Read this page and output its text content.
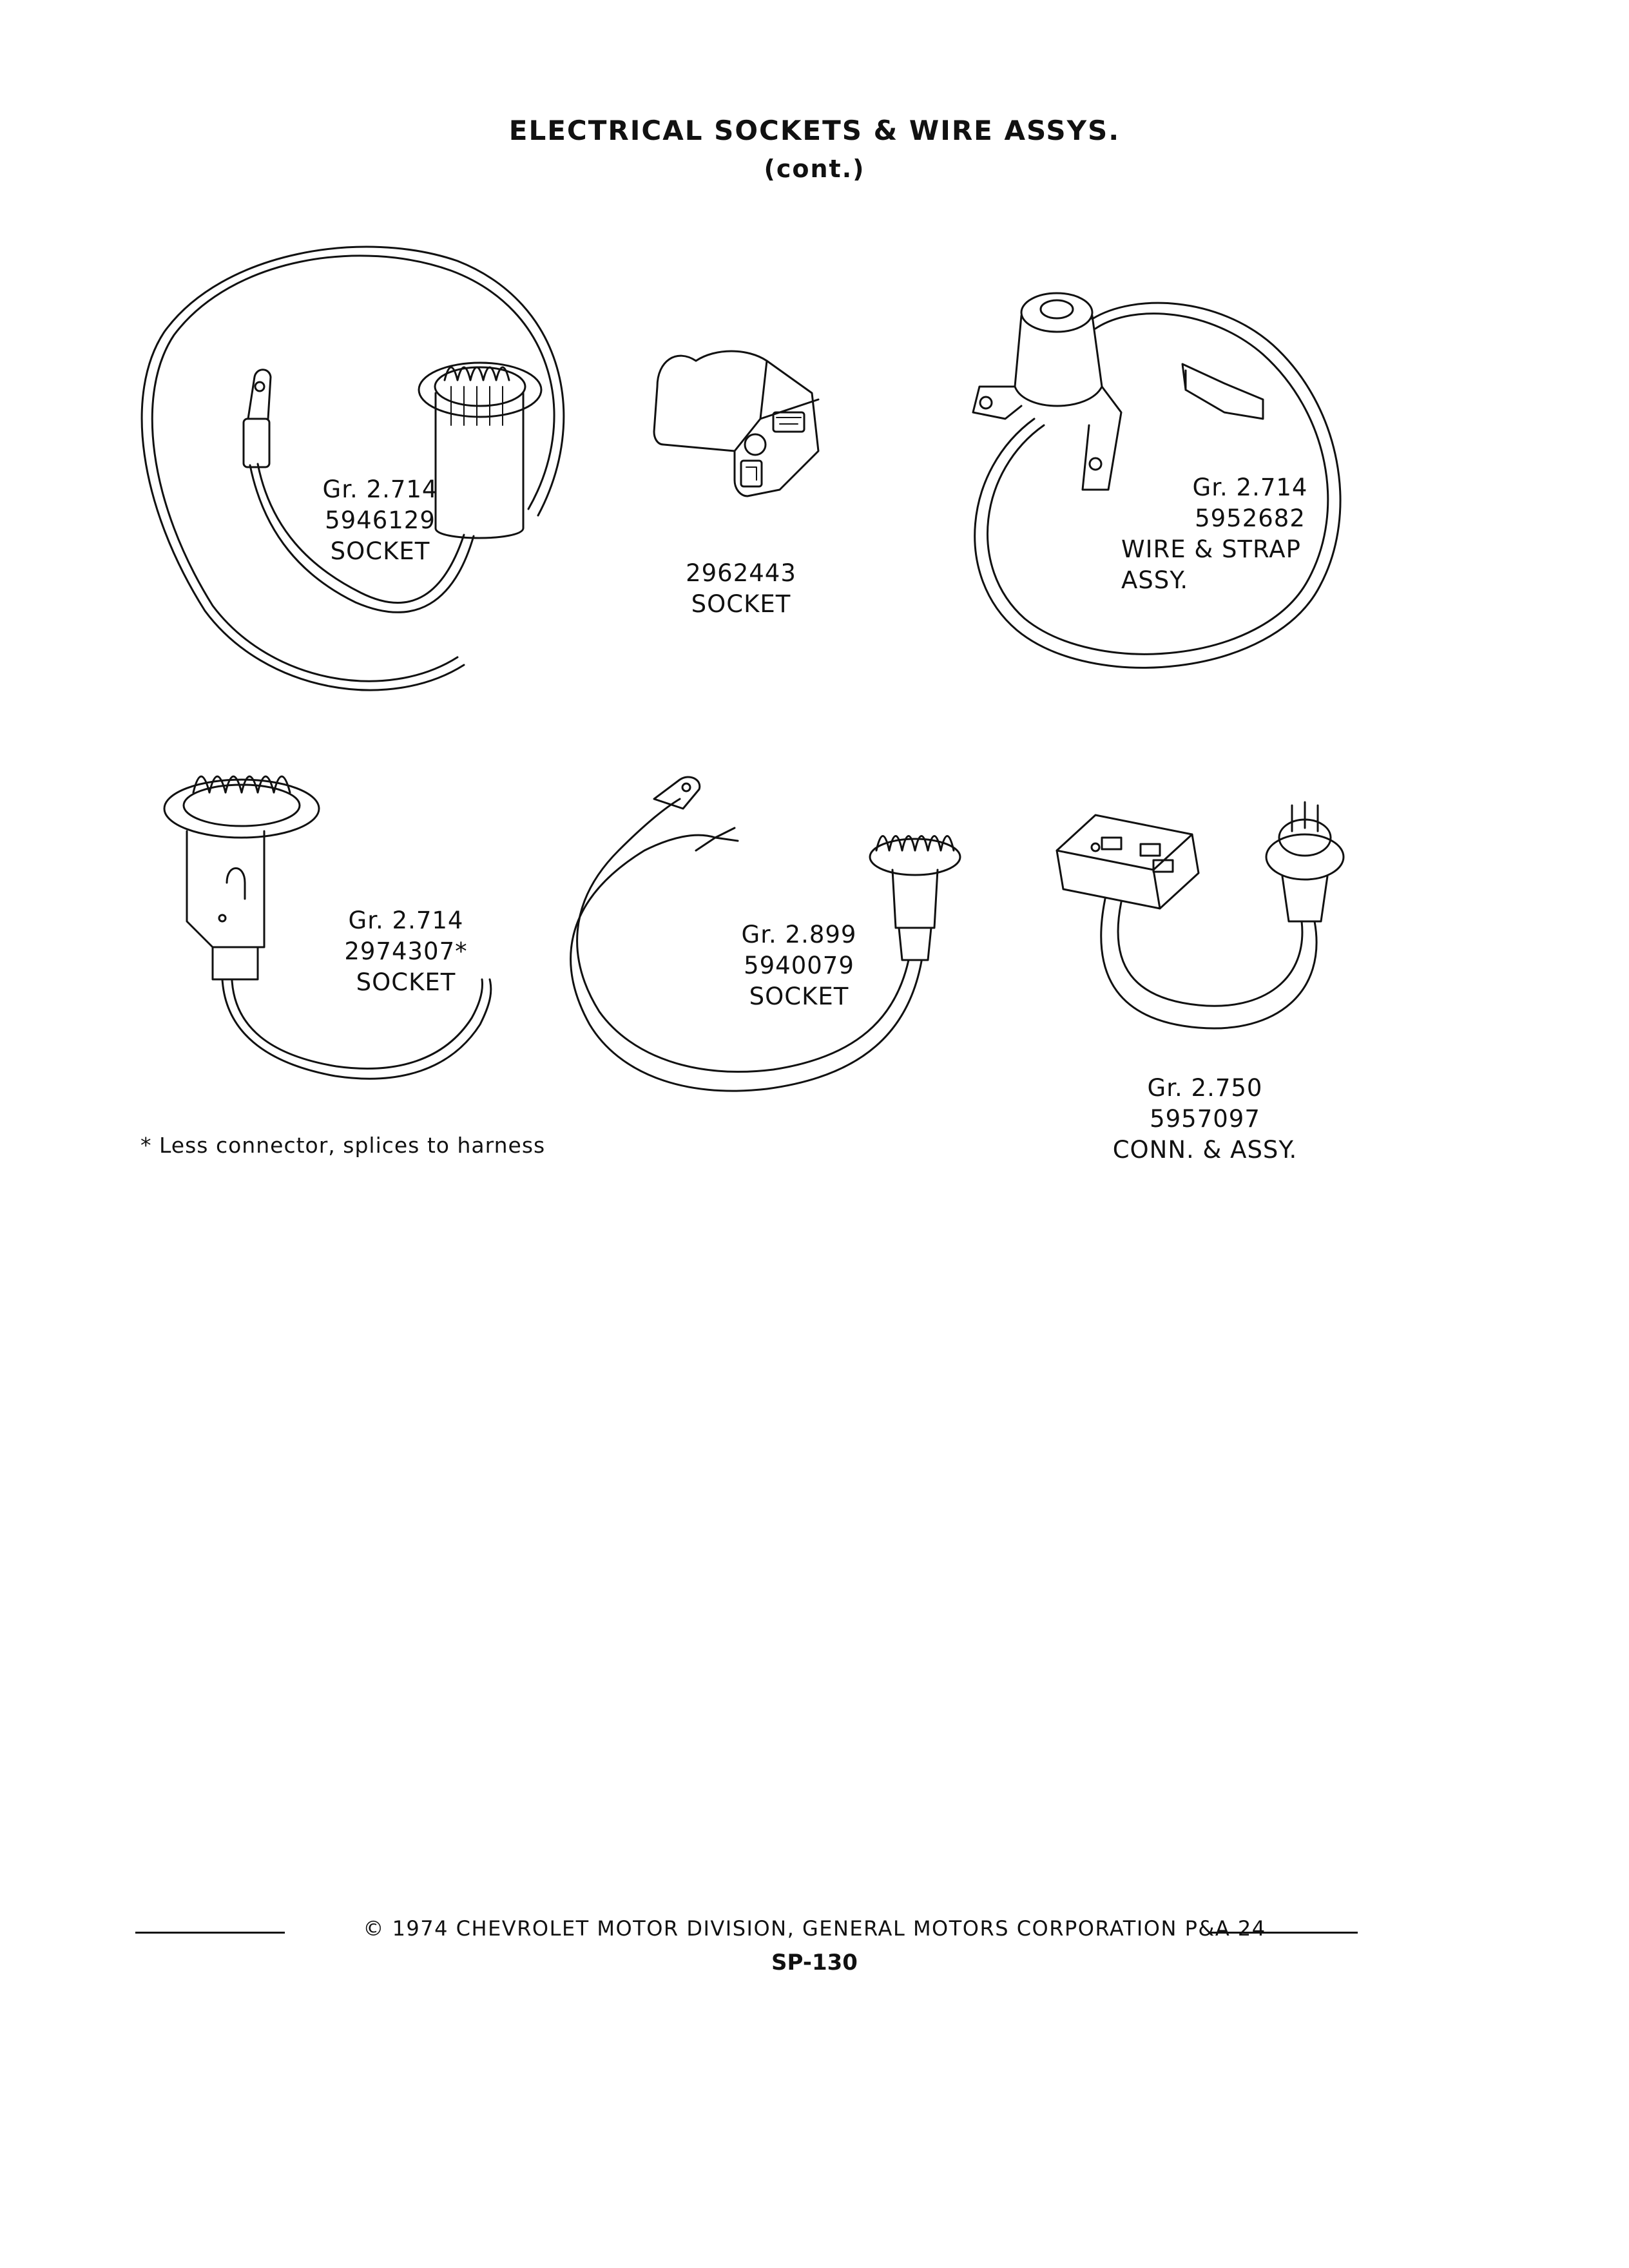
ELECTRICAL SOCKETS & WIRE ASSYS.
(cont.)
Gr. 2.714
5946129
SOCKET
2962443
SOCKET
Gr. 2.714
5952682
WIRE & STRAP
ASSY.
Gr. 2.714
2974307*
SOCKET
Gr. 2.899
5940079
SOCKET
Gr. 2.750
5957097
CONN. & ASSY.
* Less connector, splices to harness
© 1974 CHEVROLET MOTOR DIVISION, GENERAL MOTORS CORPORATION P&A 24
SP-130
